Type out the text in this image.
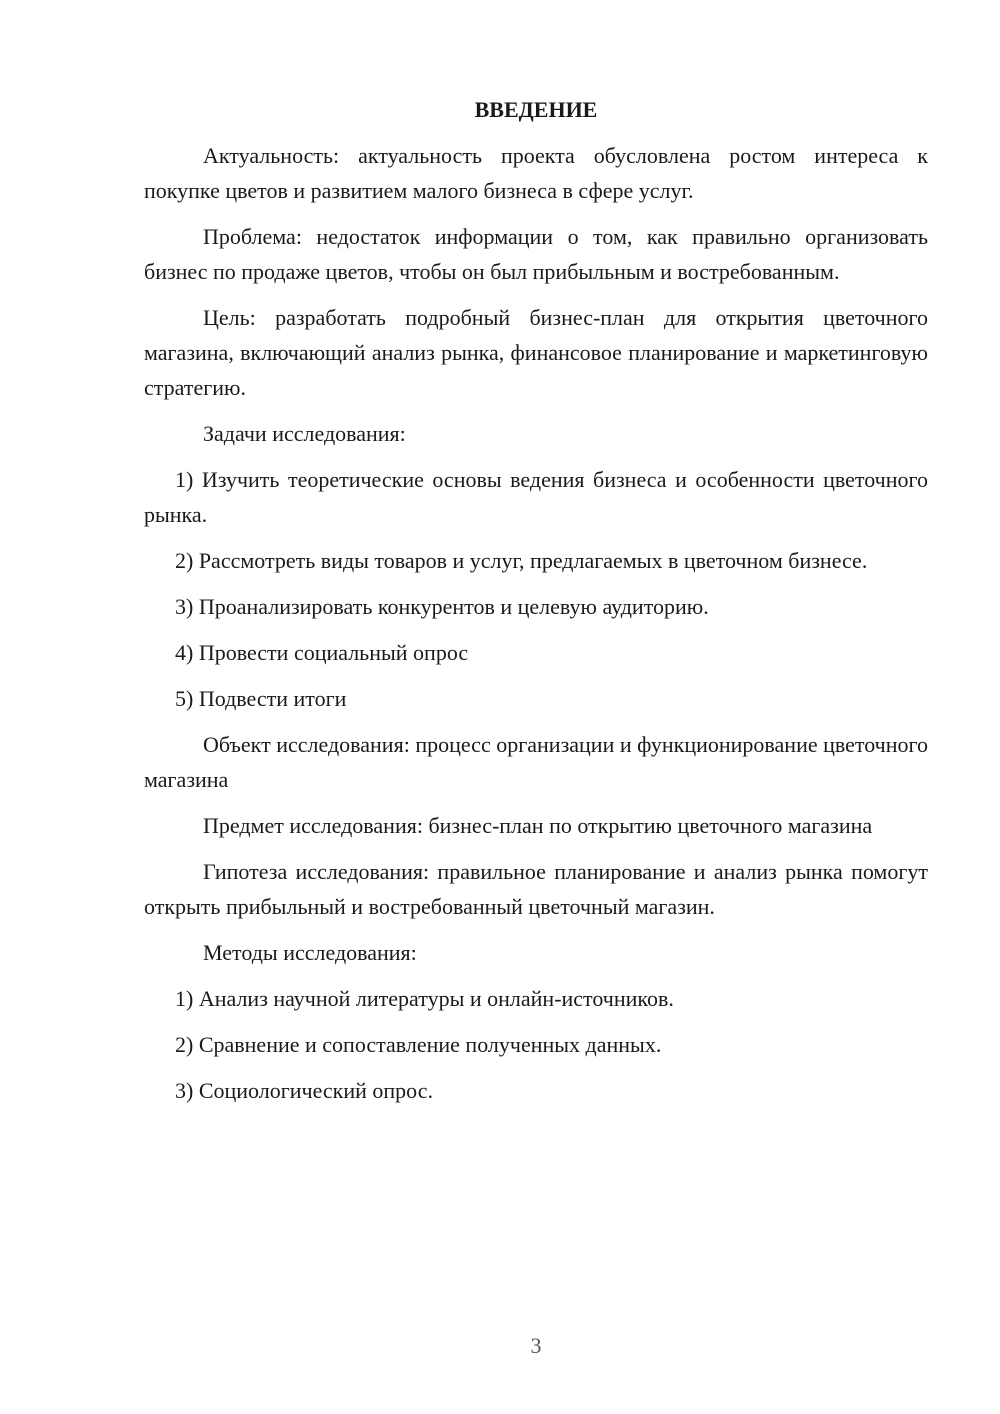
ВВЕДЕНИЕ
Актуальность: актуальность проекта обусловлена ростом интереса к покупке цветов и развитием малого бизнеса в сфере услуг.
Проблема: недостаток информации о том, как правильно организовать бизнес по продаже цветов, чтобы он был прибыльным и востребованным.
Цель: разработать подробный бизнес-план для открытия цветочного магазина, включающий анализ рынка, финансовое планирование и маркетинговую стратегию.
Задачи исследования:
1) Изучить теоретические основы ведения бизнеса и особенности цветочного рынка.
2) Рассмотреть виды товаров и услуг, предлагаемых в цветочном бизнесе.
3) Проанализировать конкурентов и целевую аудиторию.
4) Провести социальный опрос
5) Подвести итоги
Объект исследования: процесс организации и функционирование цветочного магазина
Предмет исследования: бизнес-план по открытию цветочного магазина
Гипотеза исследования: правильное планирование и анализ рынка помогут открыть прибыльный и востребованный цветочный магазин.
Методы исследования:
1) Анализ научной литературы и онлайн-источников.
2) Сравнение и сопоставление полученных данных.
3) Социологический опрос.
3
